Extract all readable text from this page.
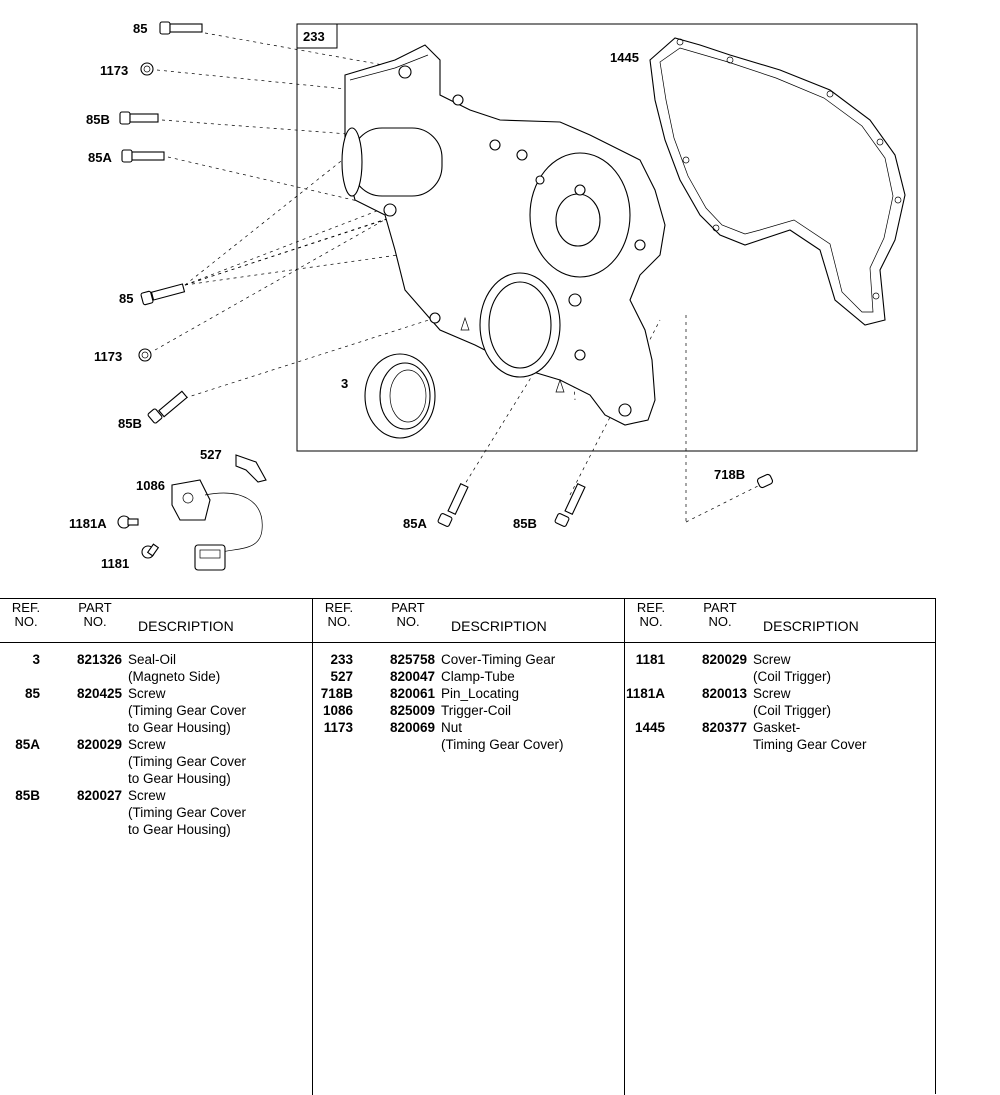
85
1173
85B
85A
85
1173
85B
233
1445
3
527
1086
1181A
1181
85A	85B
718B
REF.
NO.
PART
NO.	DESCRIPTION
3	821326 Seal-Oil
(Magneto Side)
85	820425 Screw
(Timing Gear Cover
to Gear Housing)
85A	820029 Screw
(Timing Gear Cover
to Gear Housing)
85B	820027 Screw
(Timing Gear Cover
to Gear Housing)
REF.
NO.
PART
NO.	DESCRIPTION
233	825758 Cover-Timing Gear
527	820047 Clamp-Tube
718B	820061 Pin_Locating
1086	825009 Trigger-Coil
1173	820069 Nut
(Timing Gear Cover)
REF.
NO.
PART
NO.	DESCRIPTION
1181	820029 Screw
(Coil Trigger)
1181A	820013 Screw
(Coil Trigger)
1445	820377 Gasket-
Timing Gear Cover
